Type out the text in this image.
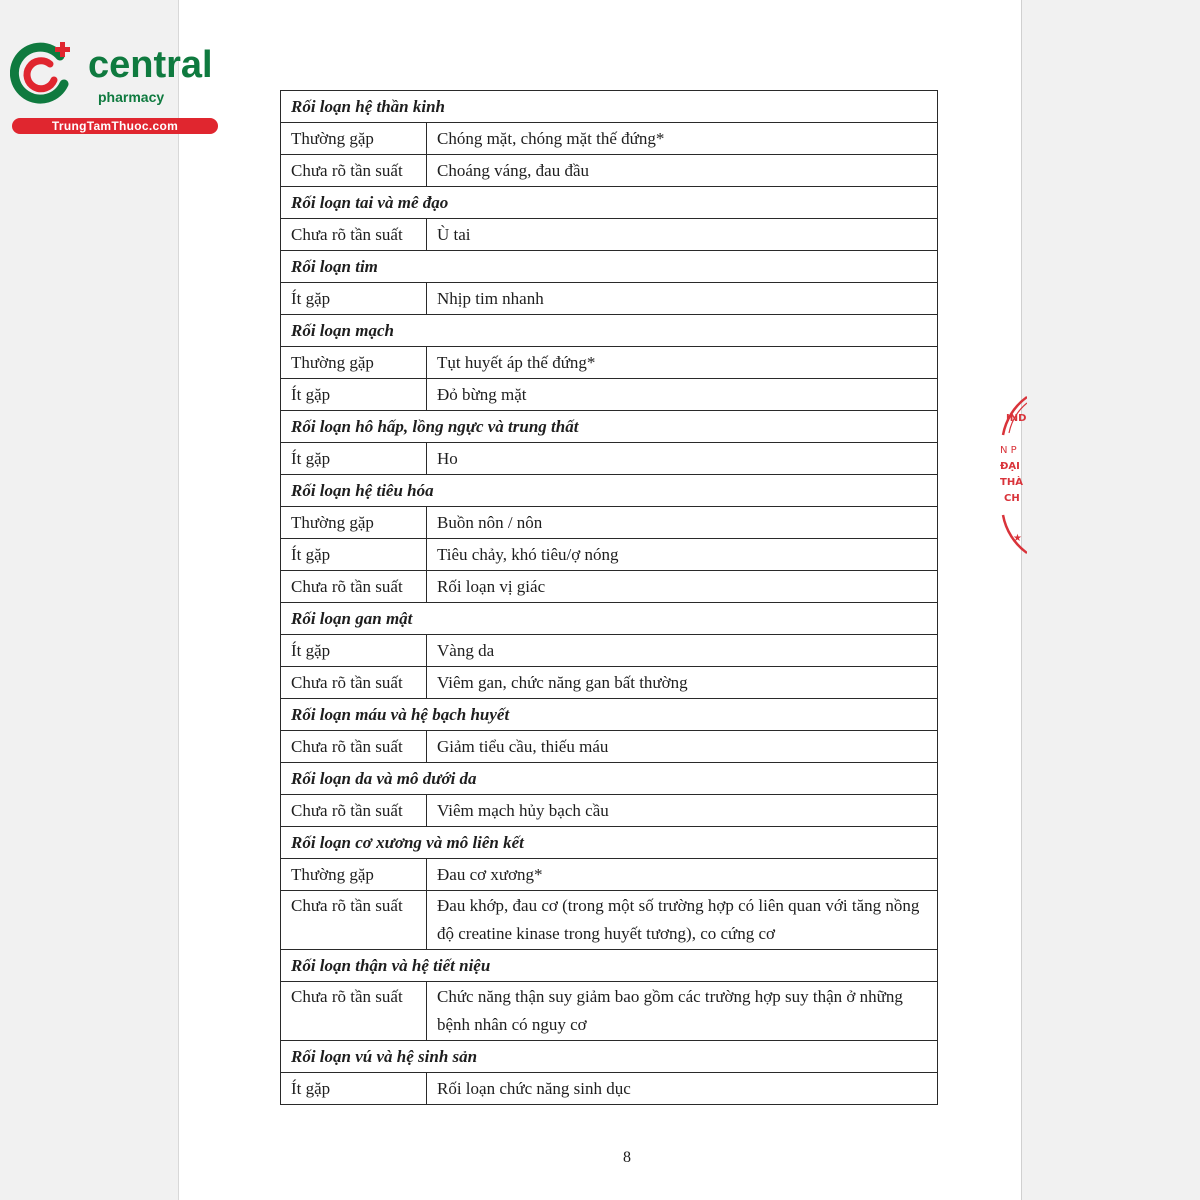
central
pharmacy
TrungTamThuoc.com
IND
N P
ĐẠI
THÀ
CH
★
Rối loạn hệ thần kinh	
Thường gặp	Chóng mặt, chóng mặt thế đứng*
Chưa rõ tần suất	Choáng váng, đau đầu
Rối loạn tai và mê đạo	
Chưa rõ tần suất	Ù tai
Rối loạn tim	
Ít gặp	Nhịp tim nhanh
Rối loạn mạch	
Thường gặp	Tụt huyết áp thế đứng*
Ít gặp	Đỏ bừng mặt
Rối loạn hô hấp, lồng ngực và trung thất	
Ít gặp	Ho
Rối loạn hệ tiêu hóa	
Thường gặp	Buồn nôn / nôn
Ít gặp	Tiêu chảy, khó tiêu/ợ nóng
Chưa rõ tần suất	Rối loạn vị giác
Rối loạn gan mật	
Ít gặp	Vàng da
Chưa rõ tần suất	Viêm gan, chức năng gan bất thường
Rối loạn máu và hệ bạch huyết	
Chưa rõ tần suất	Giảm tiểu cầu, thiếu máu
Rối loạn da và mô dưới da	
Chưa rõ tần suất	Viêm mạch hủy bạch cầu
Rối loạn cơ xương và mô liên kết	
Thường gặp	Đau cơ xương*
Chưa rõ tần suất	Đau khớp, đau cơ (trong một số trường hợp có liên quan với tăng nồng độ creatine kinase trong huyết tương), co cứng cơ
Rối loạn thận và hệ tiết niệu	
Chưa rõ tần suất	Chức năng thận suy giảm bao gồm các trường hợp suy thận ở những bệnh nhân có nguy cơ
Rối loạn vú và hệ sinh sản	
Ít gặp	Rối loạn chức năng sinh dục
8
